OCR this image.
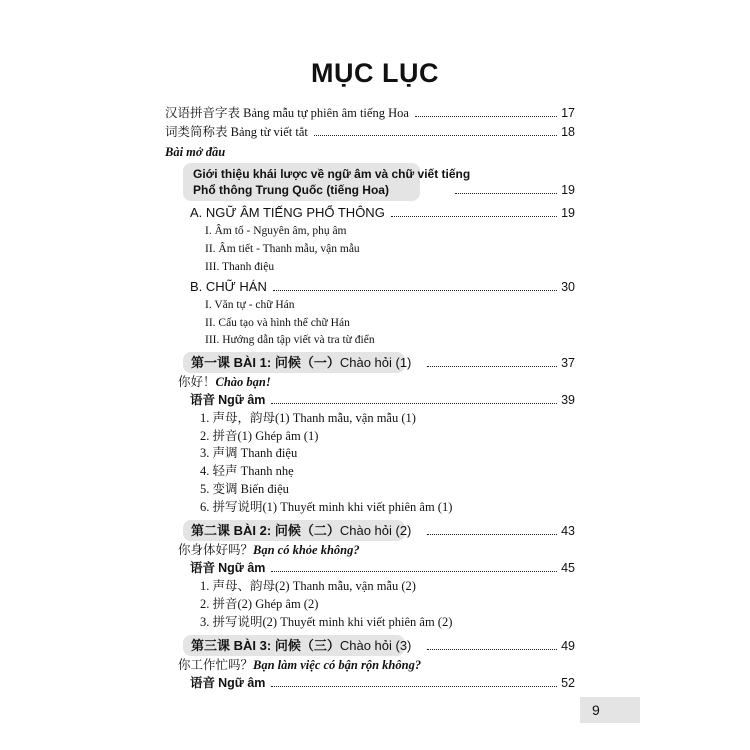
MỤC LỤC
汉语拼音字表 Bảng mẫu tự phiên âm tiếng Hoa	17
词类简称表 Bảng từ viết tắt	18
Bài mở đầu
Giới thiệu khái lược về ngữ âm và chữ viết tiếng
Phổ thông Trung Quốc (tiếng Hoa)	19
A. NGỮ ÂM TIẾNG PHỔ THÔNG	19
I. Âm tố - Nguyên âm, phụ âm
II. Âm tiết - Thanh mẫu, vận mẫu
III. Thanh điệu
B. CHỮ HÁN	30
I. Văn tự - chữ Hán
II. Cấu tạo và hình thể chữ Hán
III. Hướng dẫn tập viết và tra từ điển
第一课 BÀI 1: 问候（一）Chào hỏi (1)	37
你好！Chào bạn!
语音 Ngữ âm	39
1. 声母，韵母(1) Thanh mẫu, vận mẫu (1)
2. 拼音(1) Ghép âm (1)
3. 声调 Thanh điệu
4. 轻声 Thanh nhẹ
5. 变调 Biến điệu
6. 拼写说明(1) Thuyết minh khi viết phiên âm (1)
第二课 BÀI 2: 问候（二）Chào hỏi (2)	43
你身体好吗？Bạn có khỏe không?
语音 Ngữ âm	45
1. 声母、韵母(2) Thanh mẫu, vận mẫu (2)
2. 拼音(2) Ghép âm (2)
3. 拼写说明(2) Thuyết minh khi viết phiên âm (2)
第三课 BÀI 3: 问候（三）Chào hỏi (3)	49
你工作忙吗？Bạn làm việc có bận rộn không?
语音 Ngữ âm	52
9
